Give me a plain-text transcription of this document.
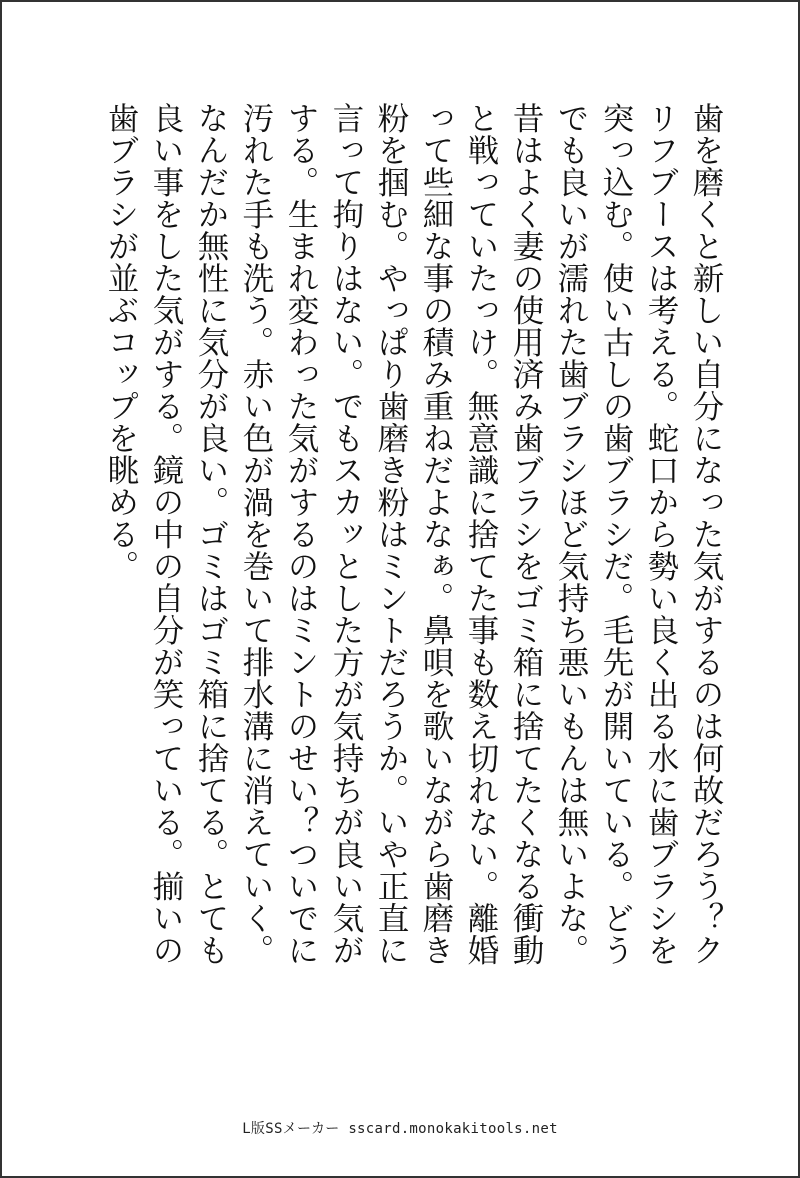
歯を磨くと新しい自分になった気がするのは何故だろう？ク
リフブースは考える。蛇口から勢い良く出る水に歯ブラシを
突っ込む。使い古しの歯ブラシだ。毛先が開いている。どう
でも良いが濡れた歯ブラシほど気持ち悪いもんは無いよな。
昔はよく妻の使用済み歯ブラシをゴミ箱に捨てたくなる衝動
と戦っていたっけ。無意識に捨てた事も数え切れない。離婚
って些細な事の積み重ねだよなぁ。鼻唄を歌いながら歯磨き
粉を掴む。やっぱり歯磨き粉はミントだろうか。いや正直に
言って拘りはない。でもスカッとした方が気持ちが良い気が
する。生まれ変わった気がするのはミントのせい？ついでに
汚れた手も洗う。赤い色が渦を巻いて排水溝に消えていく。
なんだか無性に気分が良い。ゴミはゴミ箱に捨てる。とても
良い事をした気がする。鏡の中の自分が笑っている。揃いの
歯ブラシが並ぶコップを眺める。
L版SSメーカー sscard.monokakitools.net
